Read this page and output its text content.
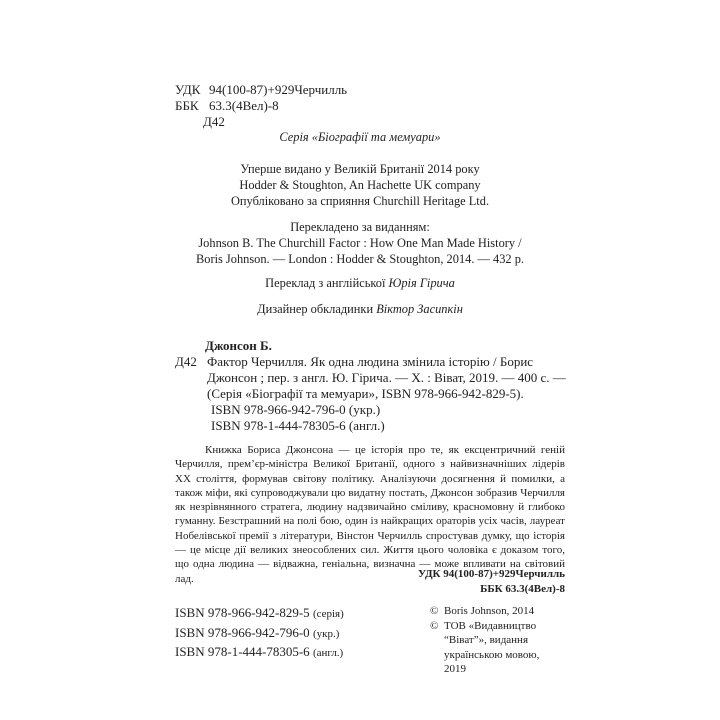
УДК 94(100-87)+929Черчилль
ББК 63.3(4Вел)-8
Д42
Серія «Біографії та мемуари»
Уперше видано у Великій Британії 2014 року
Hodder & Stoughton, An Hachette UK company
Опубліковано за сприяння Churchill Heritage Ltd.
Перекладено за виданням:
Johnson B. The Churchill Factor : How One Man Made History /
Boris Johnson. — London : Hodder & Stoughton, 2014. — 432 p.
Переклад з англійської Юрія Гірича
Дизайнер обкладинки Віктор Засипкін
Джонсон Б.
Д42 Фактор Черчилля. Як одна людина змінила історію / Борис
Джонсон ; пер. з англ. Ю. Гірича. — Х. : Віват, 2019. — 400 с. —
(Серія «Біографії та мемуари», ISBN 978-966-942-829-5).
ISBN 978-966-942-796-0 (укр.)
ISBN 978-1-444-78305-6 (англ.)

Книжка Бориса Джонсона — це історія про те, як ексцентричний геній Черчилля, прем’єр-міністра Великої Британії, одного з найвизначніших лідерів XX століття, формував світову політику. Аналізуючи досягнення й помилки, а також міфи, які супроводжували цю видатну постать, Джонсон зобразив Черчилля як незрівнянного стратега, людину надзвичайно сміливу, красномовну й глибоко гуманну. Безстрашний на полі бою, один із найкращих ораторів усіх часів, лауреат Нобелівської премії з літератури, Вінстон Черчилль спростував думку, що історія — це місце дії великих знеособлених сил. Життя цього чоловіка є доказом того, що одна людина — відважна, геніальна, визначна — може впливати на світовий лад.	УДК 94(100-87)+929Черчилль
ББК 63.3(4Вел)-8
ISBN 978-966-942-829-5 (серія)
ISBN 978-966-942-796-0 (укр.)
ISBN 978-1-444-78305-6 (англ.)
© Boris Johnson, 2014
© ТОВ «Видавництво “Віват”», видання українською мовою, 2019
